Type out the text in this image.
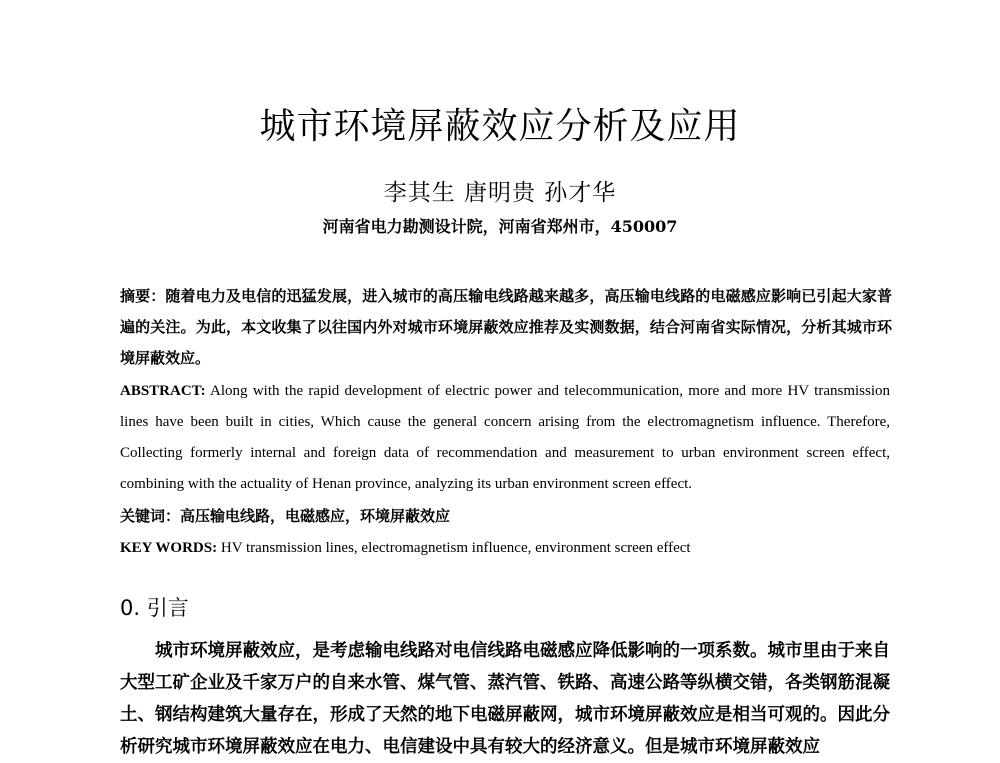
城市环境屏蔽效应分析及应用
李其生 唐明贵 孙才华
河南省电力勘测设计院，河南省郑州市，450007
摘要：随着电力及电信的迅猛发展，进入城市的高压输电线路越来越多，高压输电线路的电磁感应影响已引起大家普遍的关注。为此，本文收集了以往国内外对城市环境屏蔽效应推荐及实测数据，结合河南省实际情况，分析其城市环境屏蔽效应。
ABSTRACT: Along with the rapid development of electric power and telecommunication, more and more HV transmission lines have been built in cities, Which cause the general concern arising from the electromagnetism influence. Therefore, Collecting formerly internal and foreign data of recommendation and measurement to urban environment screen effect, combining with the actuality of Henan province, analyzing its urban environment screen effect.
关键词：高压输电线路，电磁感应，环境屏蔽效应
KEY WORDS: HV transmission lines, electromagnetism influence, environment screen effect
0. 引言

城市环境屏蔽效应，是考虑输电线路对电信线路电磁感应降低影响的一项系数。城市里由于来自大型工矿企业及千家万户的自来水管、煤气管、蒸汽管、铁路、高速公路等纵横交错，各类钢筋混凝土、钢结构建筑大量存在，形成了天然的地下电磁屏蔽网，城市环境屏蔽效应是相当可观的。因此分析研究城市环境屏蔽效应在电力、电信建设中具有较大的经济意义。但是城市环境屏蔽效应
